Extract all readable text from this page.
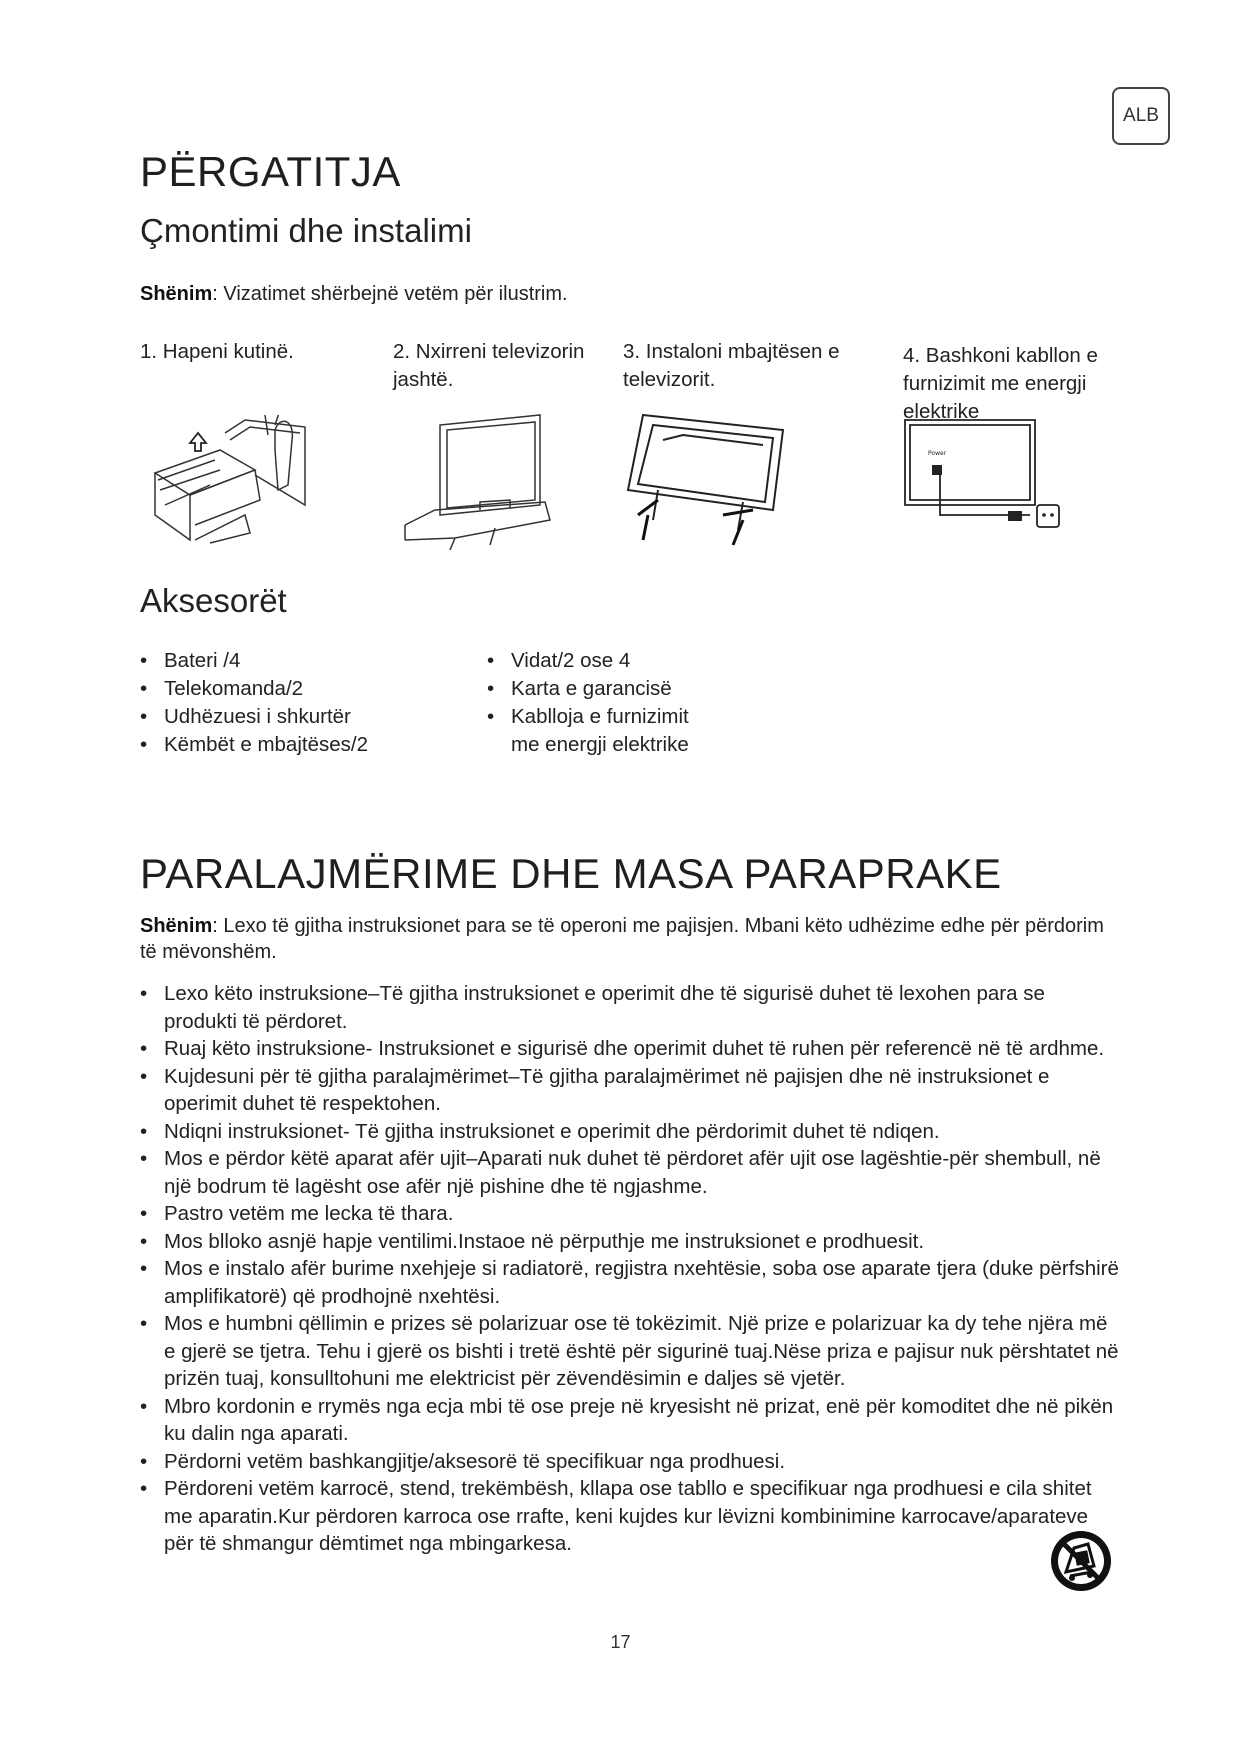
ALB
PËRGATITJA
Çmontimi dhe instalimi
Shënim: Vizatimet shërbejnë vetëm për ilustrim.
1. Hapeni kutinë.	2. Nxirreni televizorin jashtë.
3. Instaloni mbajtësen e televizorit.
4. Bashkoni kabllon e furnizimit me energji elektrike
Power
Aksesorët
• Bateri /4
• Telekomanda/2
• Udhëzuesi i shkurtër
• Këmbët e mbajtëses/2
• Vidat/2 ose 4
• Karta e garancisë
• Kablloja e furnizimit me energji elektrike
PARALAJMËRIME DHE MASA PARAPRAKE
Shënim: Lexo të gjitha instruksionet para se të operoni me pajisjen. Mbani këto udhëzime edhe për përdorim të mëvonshëm.
• Lexo këto instruksione–Të gjitha instruksionet e operimit dhe të sigurisë duhet të lexohen para se produkti të përdoret.
• Ruaj këto instruksione- Instruksionet e sigurisë dhe operimit duhet të ruhen për referencë në të ardhme.
• Kujdesuni për të gjitha paralajmërimet–Të gjitha paralajmërimet në pajisjen dhe në instruksionet e operimit duhet të respektohen.
• Ndiqni instruksionet- Të gjitha instruksionet e operimit dhe përdorimit duhet të ndiqen.
• Mos e përdor këtë aparat afër ujit–Aparati nuk duhet të përdoret afër ujit ose lagështie-për shembull, në një bodrum të lagësht ose afër një pishine dhe të ngjashme.
• Pastro vetëm me lecka të thara.
• Mos blloko asnjë hapje ventilimi.Instaoe në përputhje me instruksionet e prodhuesit.
• Mos e instalo afër burime nxehjeje si radiatorë, regjistra nxehtësie, soba ose aparate tjera (duke përfshirë amplifikatorë) që prodhojnë nxehtësi.
• Mos e humbni qëllimin e prizes së polarizuar ose të tokëzimit. Një prize e polarizuar ka dy tehe njëra më e gjerë se tjetra. Tehu i gjerë os bishti i tretë është për sigurinë tuaj.Nëse priza e pajisur nuk përshtatet në prizën tuaj, konsulltohuni me elektricist për zëvendësimin e daljes së vjetër.
• Mbro kordonin e rrymës nga ecja mbi të ose preje në kryesisht në prizat, enë për komoditet dhe në pikën ku dalin nga aparati.
• Përdorni vetëm bashkangjitje/aksesorë të specifikuar nga prodhuesi.
• Përdoreni vetëm karrocë, stend, trekëmbësh, kllapa ose tabllo e specifikuar nga prodhuesi e cila shitet me aparatin.Kur përdoren karroca ose rrafte, keni kujdes kur lëvizni kombinimine karrocave/aparateve për të shmangur dëmtimet nga mbingarkesa.
17
